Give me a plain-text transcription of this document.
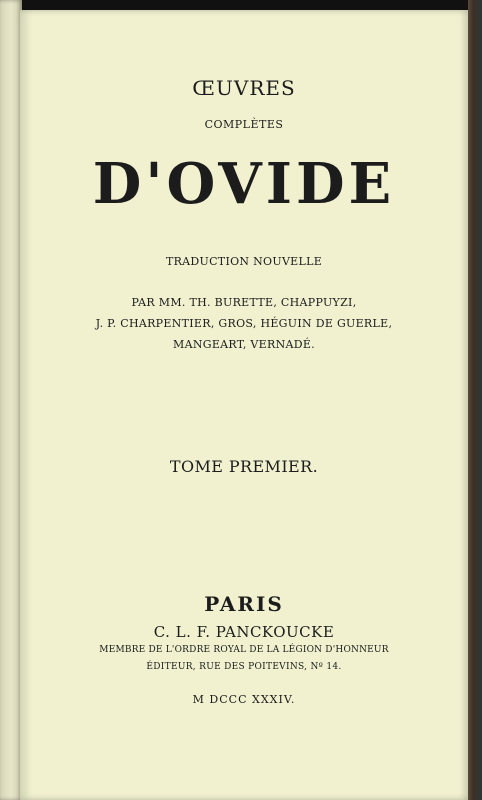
ŒUVRES

COMPLÈTES

D'OVIDE

TRADUCTION NOUVELLE

PAR MM. TH. BURETTE, CHAPPUYZI,
J. P. CHARPENTIER, GROS, HÉGUIN DE GUERLE,
MANGEART, VERNADÉ.

TOME PREMIER.

PARIS

C. L. F. PANCKOUCKE

MEMBRE DE L'ORDRE ROYAL DE LA LÉGION D'HONNEUR

ÉDITEUR, RUE DES POITEVINS, Nº 14.

M DCCC XXXIV.
